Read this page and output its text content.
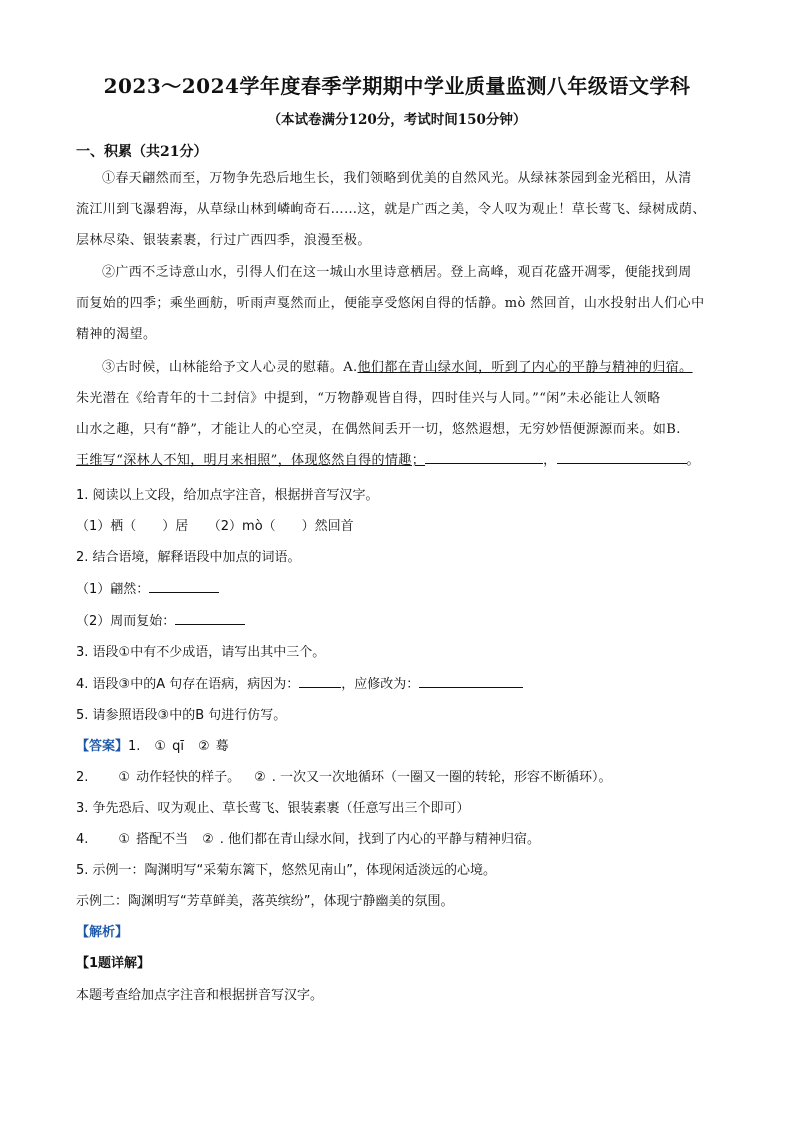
2023～2024学年度春季学期期中学业质量监测八年级语文学科
（本试卷满分120分，考试时间150分钟）
一、积累（共21分）

①春天翩然而至，万物争先恐后地生长，我们领略到优美的自然风光。从绿袜茶园到金光稻田，从清

流江川到飞瀑碧海，从草绿山林到嶙峋奇石……这，就是广西之美，令人叹为观止！草长莺飞、绿树成荫、
层林尽染、银装素裹，行过广西四季，浪漫至极。

②广西不乏诗意山水，引得人们在这一城山水里诗意栖居。登上高峰，观百花盛开凋零，便能找到周

而复始的四季；乘坐画舫，听雨声戛然而止，便能享受悠闲自得的恬静。mò 然回首，山水投射出人们心中
精神的渴望。

③古时候，山林能给予文人心灵的慰藉。A.他们都在青山绿水间，听到了内心的平静与精神的归宿。

朱光潜在《给青年的十二封信》中提到，“万物静观皆自得，四时佳兴与人同。”“闲”未必能让人领略
山水之趣，只有“静”，才能让人的心空灵，在偶然间丢开一切，悠然遐想，无穷妙悟便源源而来。如B.
王维写“深林人不知，明月来相照”，体现悠然自得的情趣；	，	。
1. 阅读以上文段，给加点字注音，根据拼音写汉字。
（1）栖（　　）居　　（2）mò（　　）然回首
2. 结合语境，解释语段中加点的词语。
（1）翩然：
（2）周而复始：
3. 语段①中有不少成语，请写出其中三个。
4. 语段③中的A 句存在语病，病因为：	，应修改为：
5. 请参照语段③中的B 句进行仿写。
【答案】1. ① qī ② 蓦
2. ① 动作轻快的样子。 ② . 一次又一次地循环（一圈又一圈的转轮，形容不断循环）。
3. 争先恐后、叹为观止、草长莺飞、银装素裹（任意写出三个即可）
4. ① 搭配不当 ② . 他们都在青山绿水间，找到了内心的平静与精神归宿。
5. 示例一：陶渊明写“采菊东篱下，悠然见南山”，体现闲适淡远的心境。
示例二：陶渊明写“芳草鲜美，落英缤纷”，体现宁静幽美的氛围。
【解析】
【1题详解】
本题考查给加点字注音和根据拼音写汉字。
